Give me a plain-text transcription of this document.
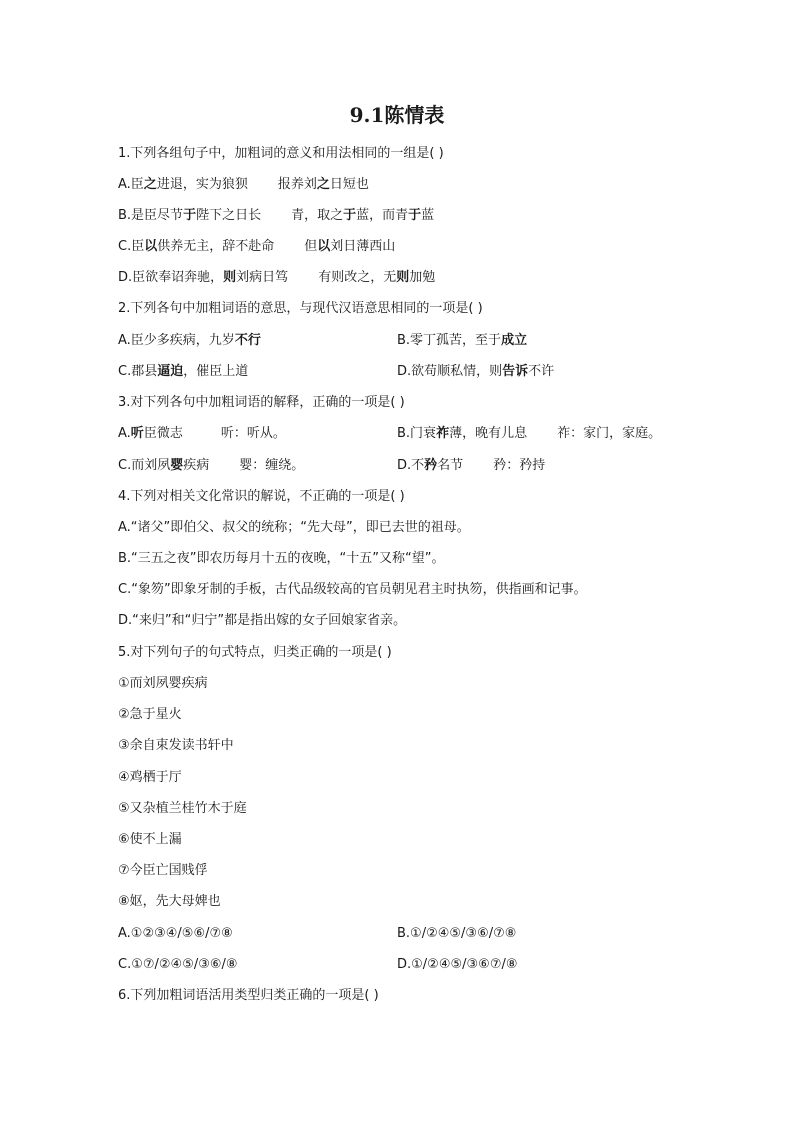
9.1陈情表
1.下列各组句子中，加粗词的意义和用法相同的一组是( )
A.臣之进退，实为狼狈 报养刘之日短也
B.是臣尽节于陛下之日长 青，取之于蓝，而青于蓝
C.臣以供养无主，辞不赴命 但以刘日薄西山
D.臣欲奉诏奔驰，则刘病日笃 有则改之，无则加勉
2.下列各句中加粗词语的意思，与现代汉语意思相同的一项是( )
A.臣少多疾病，九岁不行	B.零丁孤苦，至于成立
C.郡县逼迫，催臣上道	D.欲苟顺私情，则告诉不许
3.对下列各句中加粗词语的解释，正确的一项是( )
A.听臣微志	听：听从。	B.门衰祚薄，晚有儿息 祚：家门，家庭。
C.而刘夙婴疾病 婴：缠绕。	D.不矜名节 矜：矜持
4.下列对相关文化常识的解说，不正确的一项是( )
A.“诸父”即伯父、叔父的统称；“先大母”，即已去世的祖母。
B.“三五之夜”即农历每月十五的夜晚，“十五”又称“望”。
C.“象笏”即象牙制的手板，古代品级较高的官员朝见君主时执笏，供指画和记事。
D.“来归”和“归宁”都是指出嫁的女子回娘家省亲。
5.对下列句子的句式特点，归类正确的一项是( )
①而刘夙婴疾病
②急于星火
③余自束发读书轩中
④鸡栖于厅
⑤又杂植兰桂竹木于庭
⑥使不上漏
⑦今臣亡国贱俘
⑧妪，先大母婢也
A.①②③④/⑤⑥/⑦⑧	B.①/②④⑤/③⑥/⑦⑧
C.①⑦/②④⑤/③⑥/⑧	D.①/②④⑤/③⑥⑦/⑧
6.下列加粗词语活用类型归类正确的一项是( )
